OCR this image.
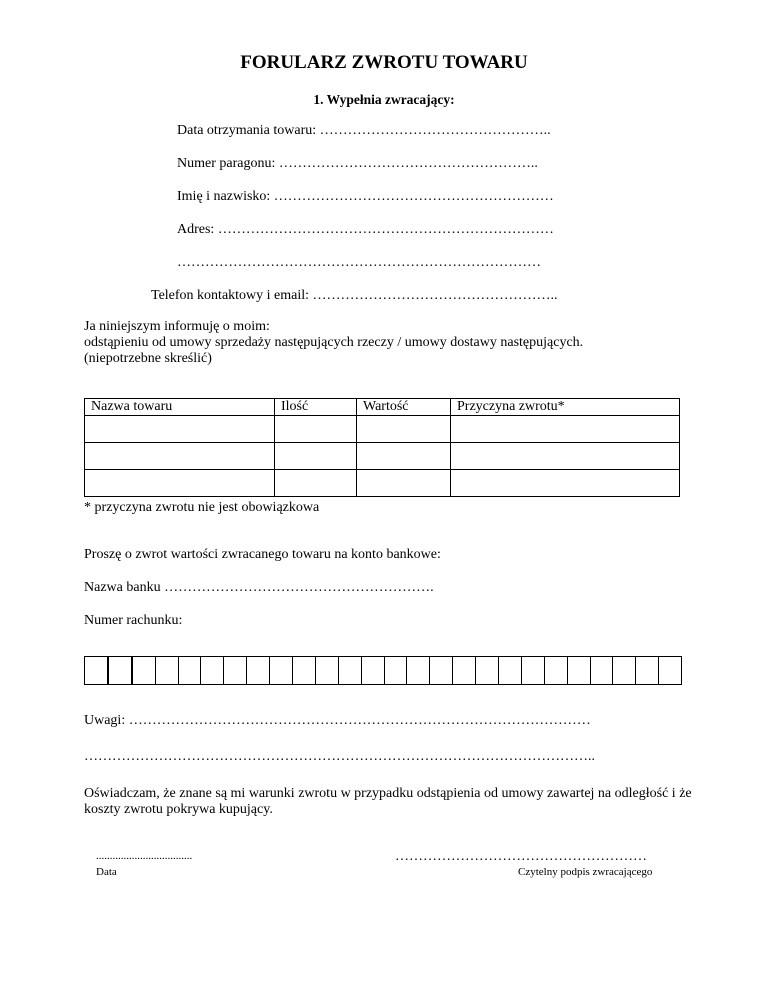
FORULARZ ZWROTU TOWARU
1. Wypełnia zwracający:
Data otrzymania towaru: …………………………………………..
Numer paragonu: ………………………………………………..
Imię i nazwisko: ……………………………………………………
Adres: ………………………………………………………………
……………………………………………………………………
Telefon kontaktowy i email: ……………………………………………..
Ja niniejszym informuję o moim:
odstąpieniu od umowy sprzedaży następujących rzeczy / umowy dostawy następujących.
(niepotrzebne skreślić)
Nazwa towaru	Ilość	Wartość	Przyczyna zwrotu*

* przyczyna zwrotu nie jest obowiązkowa
Proszę o zwrot wartości zwracanego towaru na konto bankowe:
Nazwa banku ………………………………………………….
Numer rachunku:
Uwagi: ………………………………………………………………………………………
………………………………………………………………………………………………..
Oświadczam, że znane są mi warunki zwrotu w przypadku odstąpienia od umowy zawartej na odległość i że koszty zwrotu pokrywa kupujący.
...................................
Data
………………………………………………
Czytelny podpis zwracającego
